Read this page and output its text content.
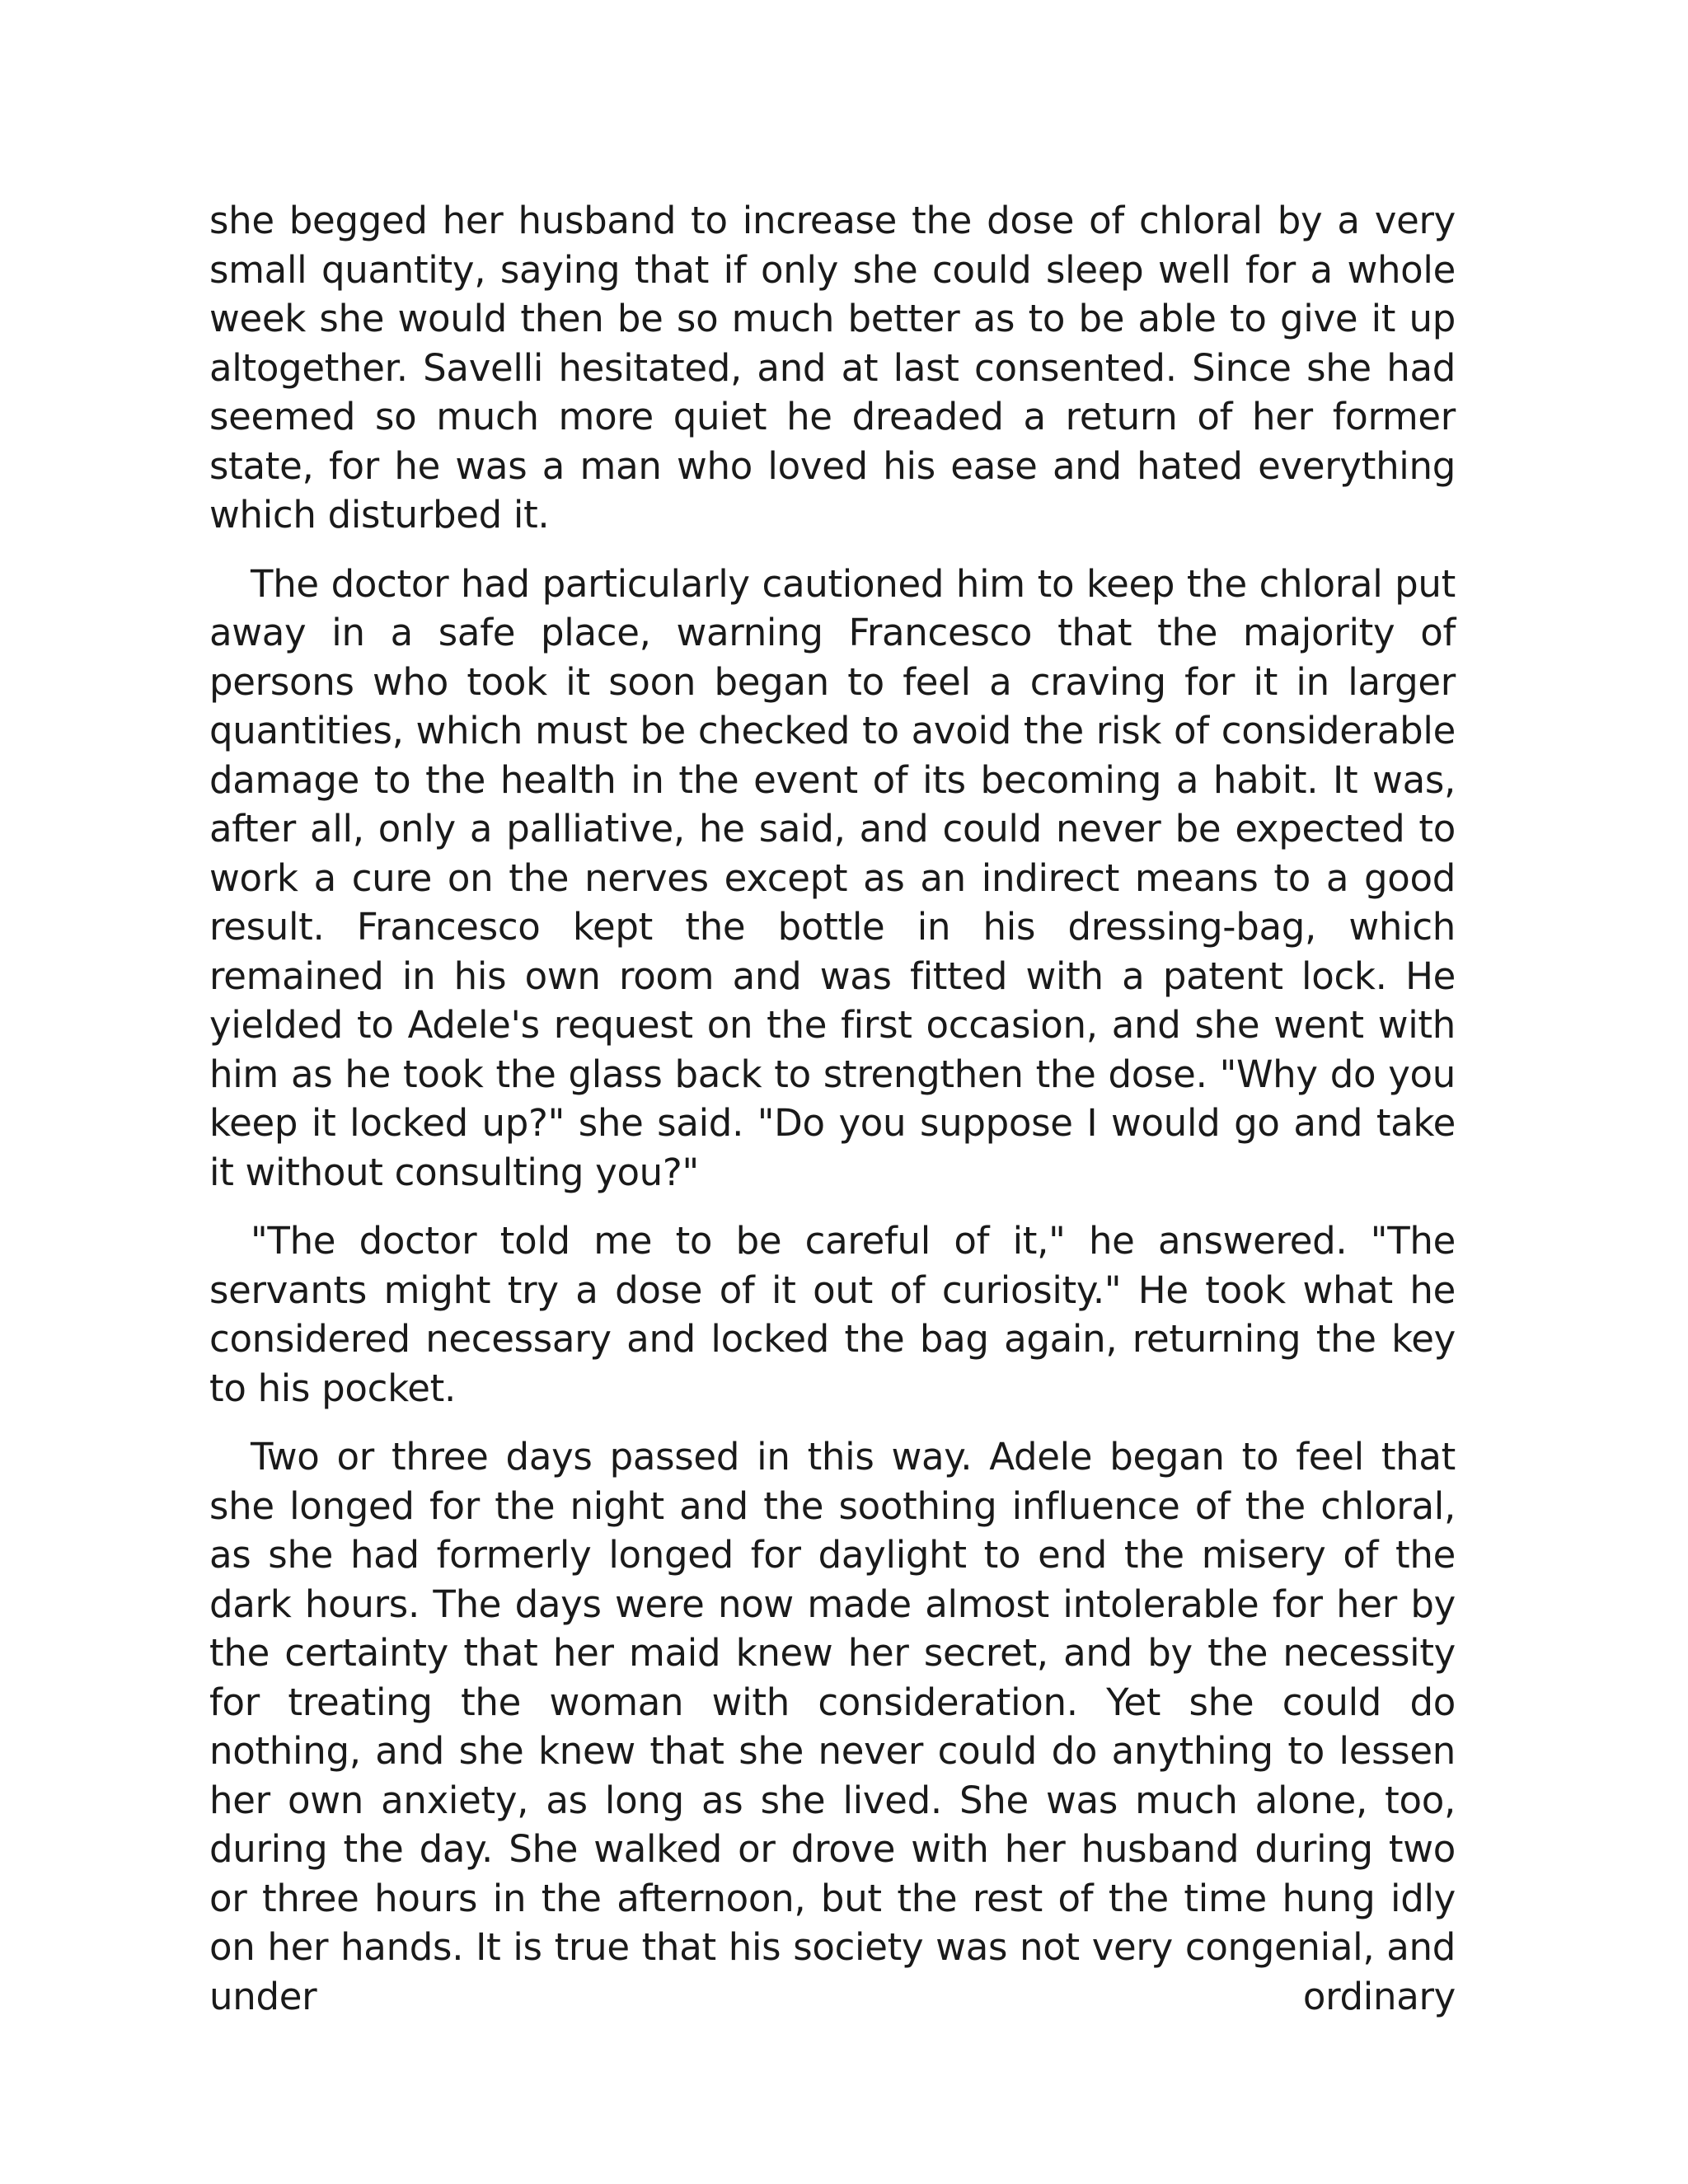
she begged her husband to increase the dose of chloral by a very small quantity, saying that if only she could sleep well for a whole week she would then be so much better as to be able to give it up altogether. Savelli hesitated, and at last consented. Since she had seemed so much more quiet he dreaded a return of her former state, for he was a man who loved his ease and hated everything which disturbed it.

The doctor had particularly cautioned him to keep the chloral put away in a safe place, warning Francesco that the majority of persons who took it soon began to feel a craving for it in larger quantities, which must be checked to avoid the risk of considerable damage to the health in the event of its becoming a habit. It was, after all, only a palliative, he said, and could never be expected to work a cure on the nerves except as an indirect means to a good result. Francesco kept the bottle in his dressing-bag, which remained in his own room and was fitted with a patent lock. He yielded to Adele's request on the first occasion, and she went with him as he took the glass back to strengthen the dose. "Why do you keep it locked up?" she said. "Do you suppose I would go and take it without consulting you?"

"The doctor told me to be careful of it," he answered. "The servants might try a dose of it out of curiosity." He took what he considered necessary and locked the bag again, returning the key to his pocket.

Two or three days passed in this way. Adele began to feel that she longed for the night and the soothing influence of the chloral, as she had formerly longed for daylight to end the misery of the dark hours. The days were now made almost intolerable for her by the certainty that her maid knew her secret, and by the necessity for treating the woman with consideration. Yet she could do nothing, and she knew that she never could do anything to lessen her own anxiety, as long as she lived. She was much alone, too, during the day. She walked or drove with her husband during two or three hours in the afternoon, but the rest of the time hung idly on her hands. It is true that his society was not very congenial, and under ordinary
